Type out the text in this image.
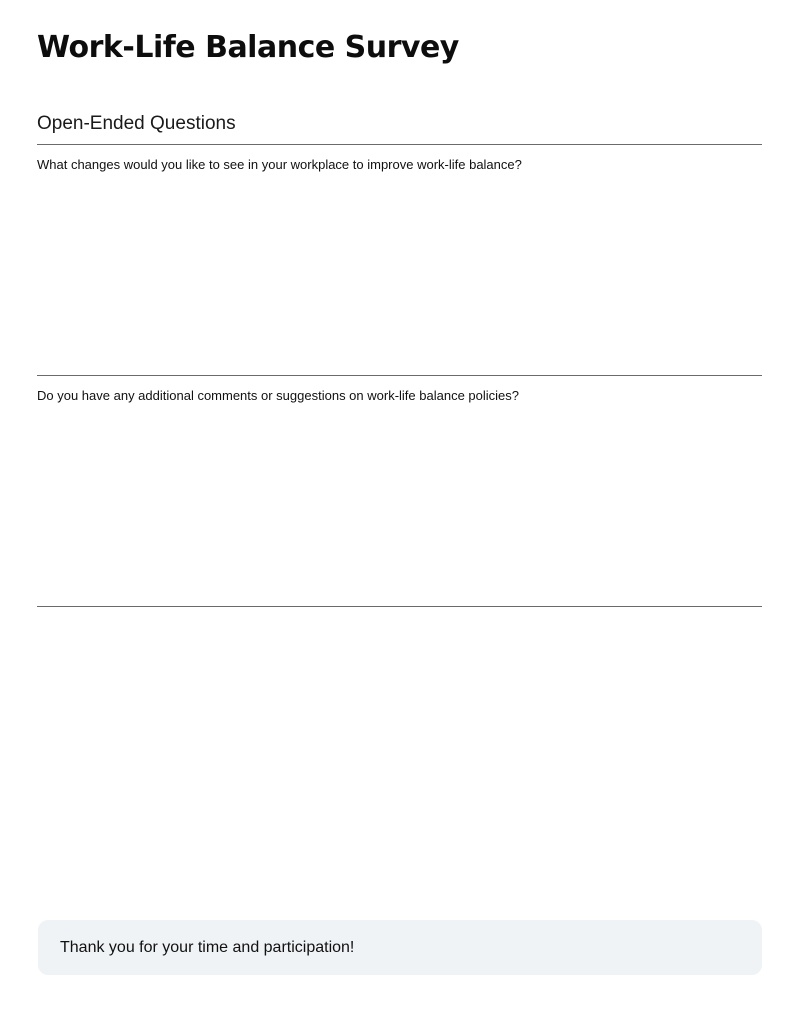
Work-Life Balance Survey
Open-Ended Questions

What changes would you like to see in your workplace to improve work-life balance?

Do you have any additional comments or suggestions on work-life balance policies?

Thank you for your time and participation!
